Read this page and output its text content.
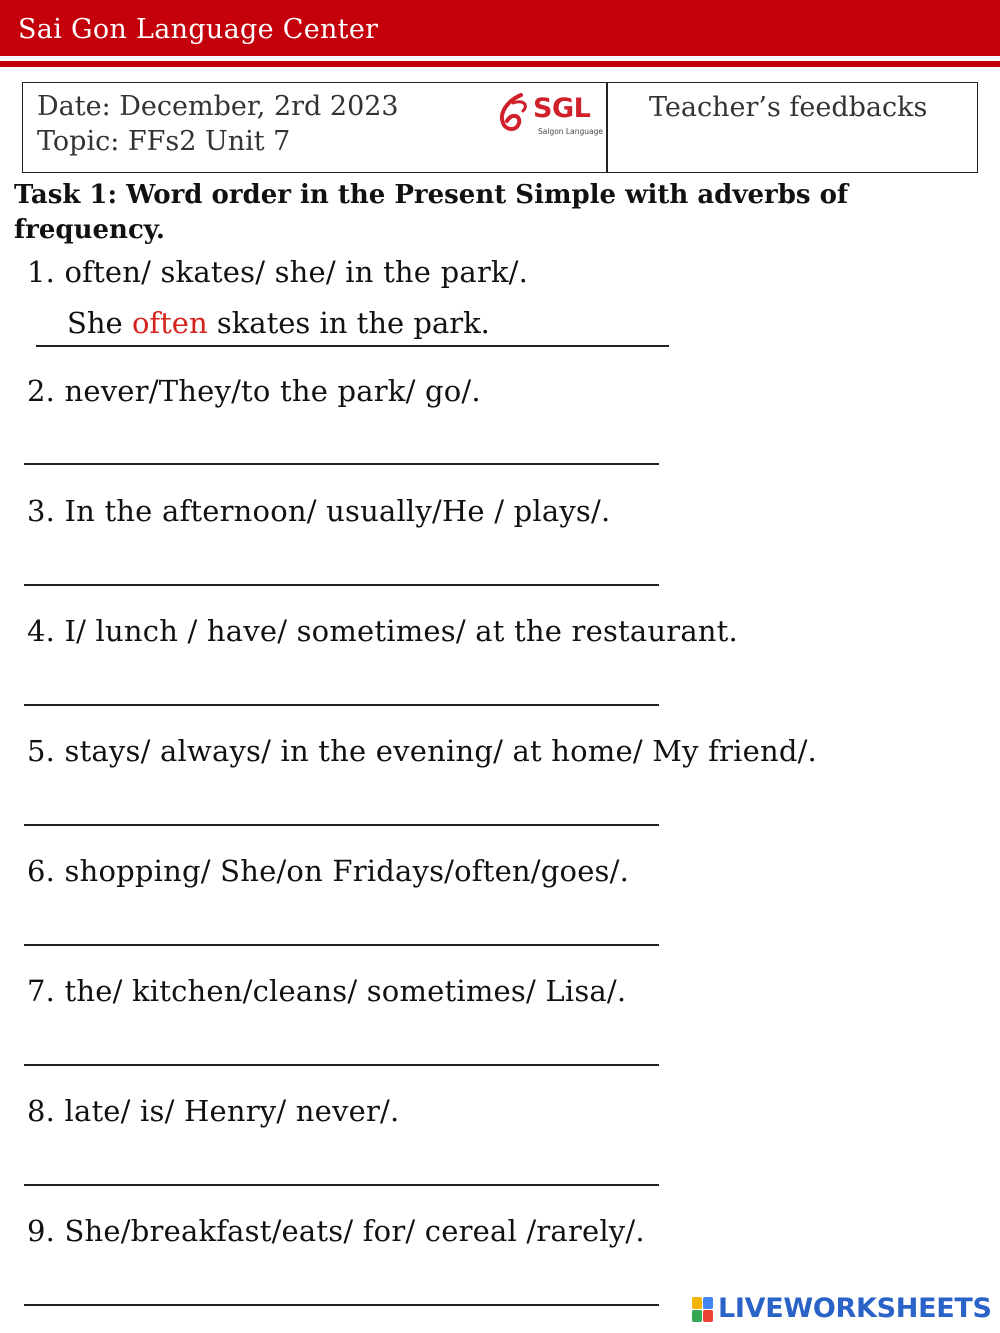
Sai Gon Language Center
Date: December, 2rd 2023
Topic: FFs2 Unit 7
SGL
Saigon Language
Teacher’s feedbacks
Task 1: Word order in the Present Simple with adverbs of frequency.
1. often/ skates/ she/ in the park/.
She often skates in the park.
2. never/They/to the park/ go/.
3. In the afternoon/ usually/He / plays/.
4. I/ lunch / have/ sometimes/ at the restaurant.
5. stays/ always/ in the evening/ at home/ My friend/.
6. shopping/ She/on Fridays/often/goes/.
7. the/ kitchen/cleans/ sometimes/ Lisa/.
8. late/ is/ Henry/ never/.
9. She/breakfast/eats/ for/ cereal /rarely/.
LIVEWORKSHEETS
